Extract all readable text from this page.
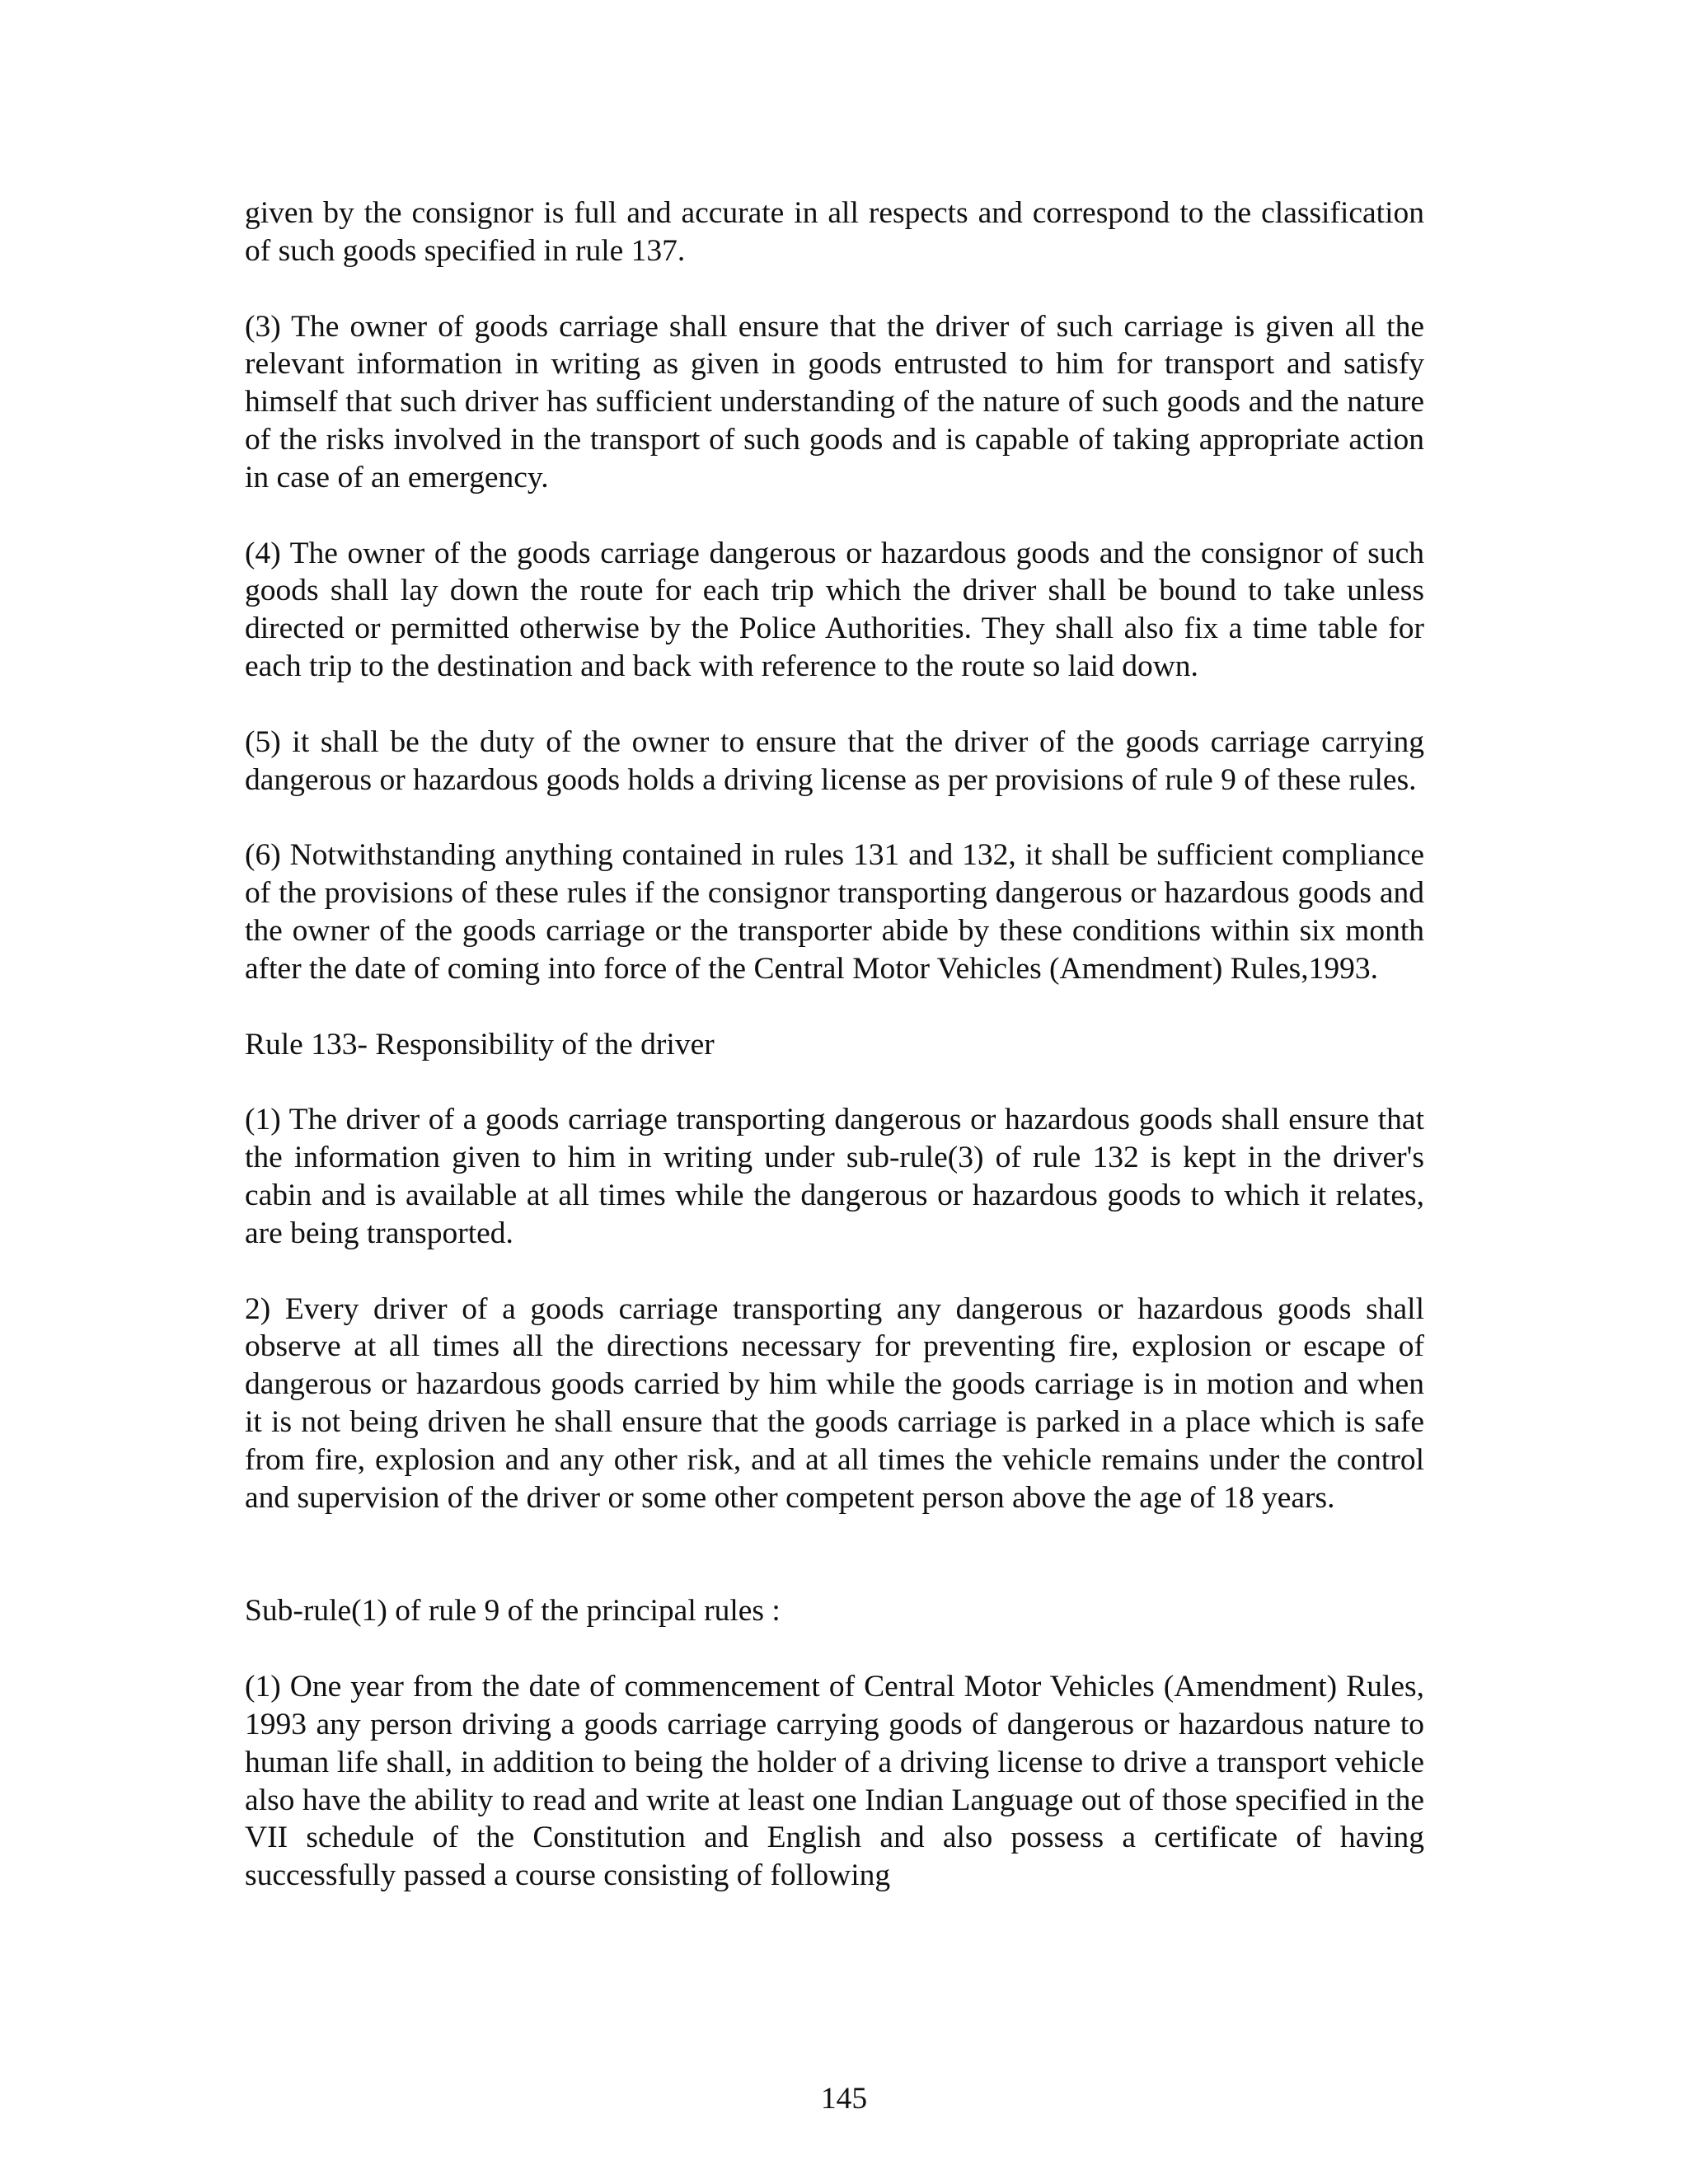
given by the consignor is full and accurate in all respects and correspond to the classification of such goods specified in rule 137.

(3) The owner of goods carriage shall ensure that the driver of such carriage is given all the relevant information in writing as given in goods entrusted to him for transport and satisfy himself that such driver has sufficient understanding of the nature of such goods and the nature of the risks involved in the transport of such goods and is capable of taking appropriate action in case of an emergency.

(4) The owner of the goods carriage dangerous or hazardous goods and the consignor of such goods shall lay down the route for each trip which the driver shall be bound to take unless directed or permitted otherwise by the Police Authorities. They shall also fix a time table for each trip to the destination and back with reference to the route so laid down.

(5) it shall be the duty of the owner to ensure that the driver of the goods carriage carrying dangerous or hazardous goods holds a driving license as per provisions of rule 9 of these rules.

(6) Notwithstanding anything contained in rules 131 and 132, it shall be sufficient compliance of the provisions of these rules if the consignor transporting dangerous or hazardous goods and the owner of the goods carriage or the transporter abide by these conditions within six month after the date of coming into force of the Central Motor Vehicles (Amendment) Rules,1993.

Rule 133- Responsibility of the driver

(1) The driver of a goods carriage transporting dangerous or hazardous goods shall ensure that the information given to him in writing under sub-rule(3) of rule 132 is kept in the driver's cabin and is available at all times while the dangerous or hazardous goods to which it relates, are being transported.

2) Every driver of a goods carriage transporting any dangerous or hazardous goods shall observe at all times all the directions necessary for preventing fire, explosion or escape of dangerous or hazardous goods carried by him while the goods carriage is in motion and when it is not being driven he shall ensure that the goods carriage is parked in a place which is safe from fire, explosion and any other risk, and at all times the vehicle remains under the control and supervision of the driver or some other competent person above the age of 18 years.

Sub-rule(1) of rule 9 of the principal rules :

(1) One year from the date of commencement of Central Motor Vehicles (Amendment) Rules, 1993 any person driving a goods carriage carrying goods of dangerous or hazardous nature to human life shall, in addition to being the holder of a driving license to drive a transport vehicle also have the ability to read and write at least one Indian Language out of those specified in the VII schedule of the Constitution and English and also possess a certificate of having successfully passed a course consisting of following

145
